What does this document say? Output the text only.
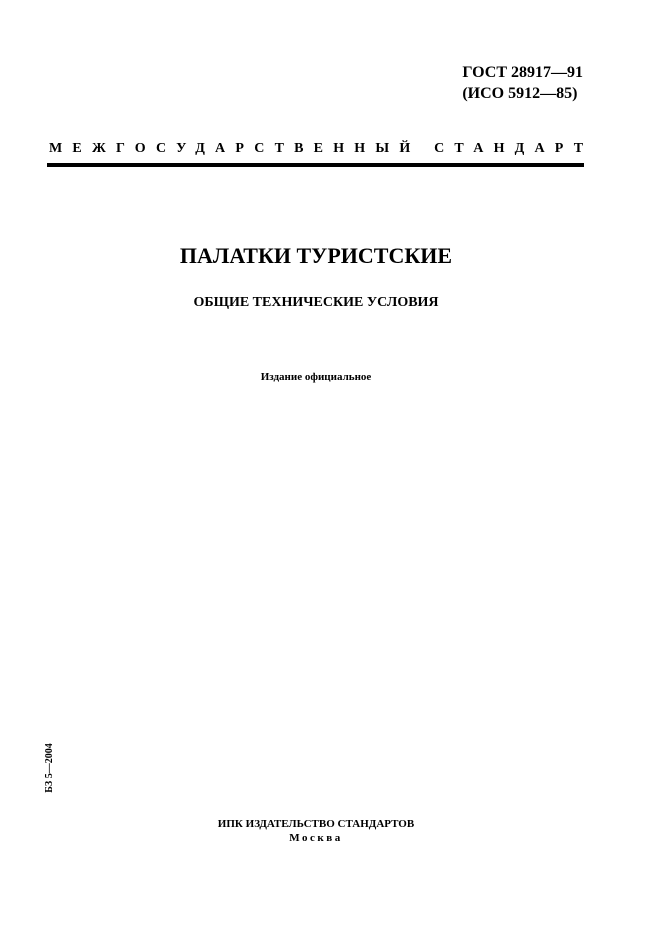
ГОСТ 28917—91
(ИСО 5912—85)
МЕЖГОСУДАРСТВЕННЫЙ СТАНДАРТ
ПАЛАТКИ ТУРИСТСКИЕ
ОБЩИЕ ТЕХНИЧЕСКИЕ УСЛОВИЯ
Издание официальное
БЗ 5—2004
ИПК ИЗДАТЕЛЬСТВО СТАНДАРТОВ
Москва
